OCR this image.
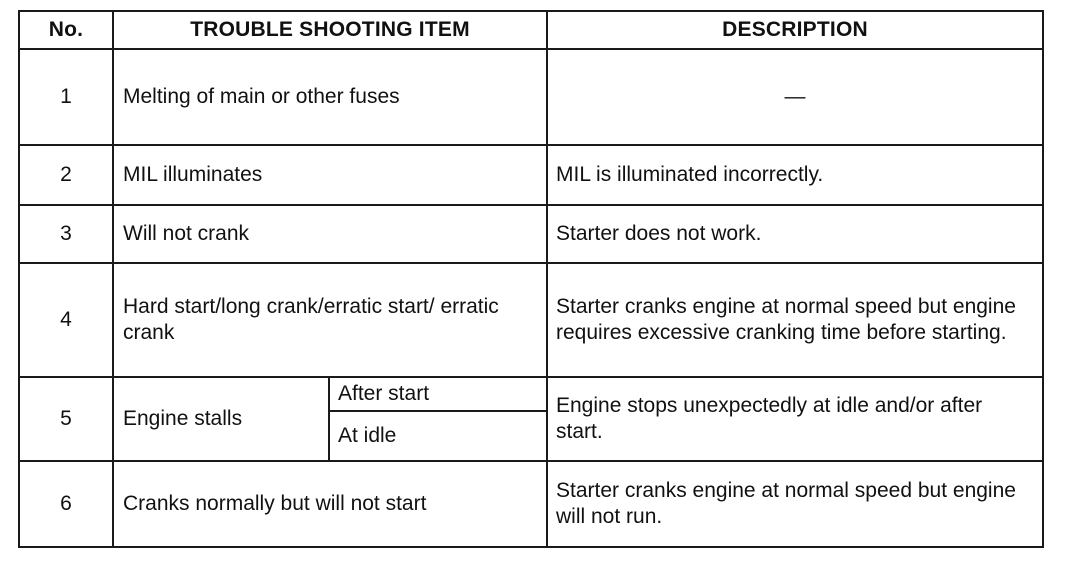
No.	TROUBLE SHOOTING ITEM		DESCRIPTION
1	Melting of main or other fuses		—
2	MIL illuminates		MIL is illuminated incorrectly.
3	Will not crank		Starter does not work.
4	Hard start/long crank/erratic start/ erratic crank		Starter cranks engine at normal speed but engine requires excessive cranking time before starting.
5	Engine stalls	After start	Engine stops unexpectedly at idle and/or after start.
		At idle	
6	Cranks normally but will not start		Starter cranks engine at normal speed but engine will not run.
